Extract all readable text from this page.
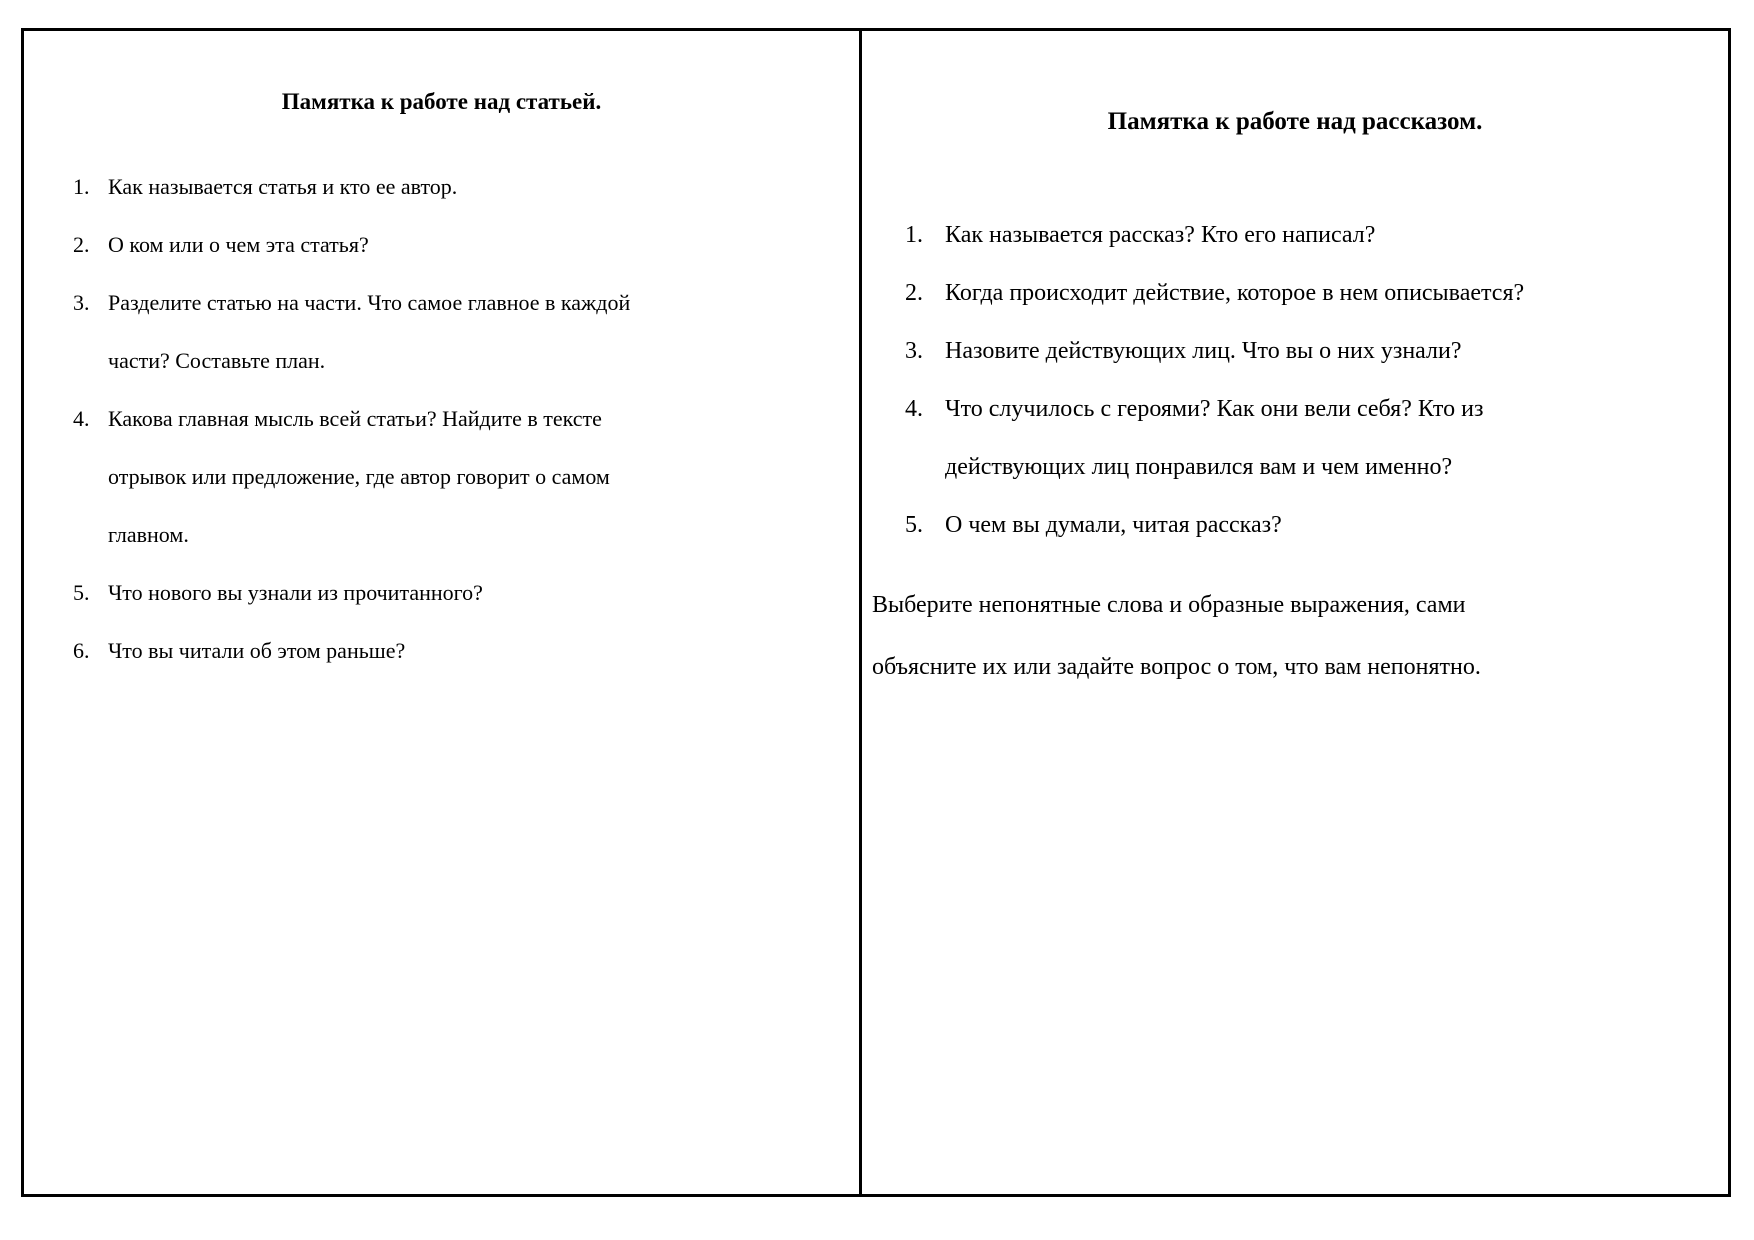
Памятка к работе над статьей.
1. Как называется статья и кто ее автор.
2. О ком или о чем эта статья?
3. Разделите статью на части. Что самое главное в каждой
части? Составьте план.
4. Какова главная мысль всей статьи? Найдите в тексте
отрывок или предложение, где автор говорит о самом
главном.
5. Что нового вы узнали из прочитанного?
6. Что вы читали об этом раньше?
Памятка к работе над рассказом.
1. Как называется рассказ? Кто его написал?
2. Когда происходит действие, которое в нем описывается?
3. Назовите действующих лиц. Что вы о них узнали?
4. Что случилось с героями? Как они вели себя? Кто из
действующих лиц понравился вам и чем именно?
5. О чем вы думали, читая рассказ?
Выберите непонятные слова и образные выражения, сами
объясните их или задайте вопрос о том, что вам непонятно.
